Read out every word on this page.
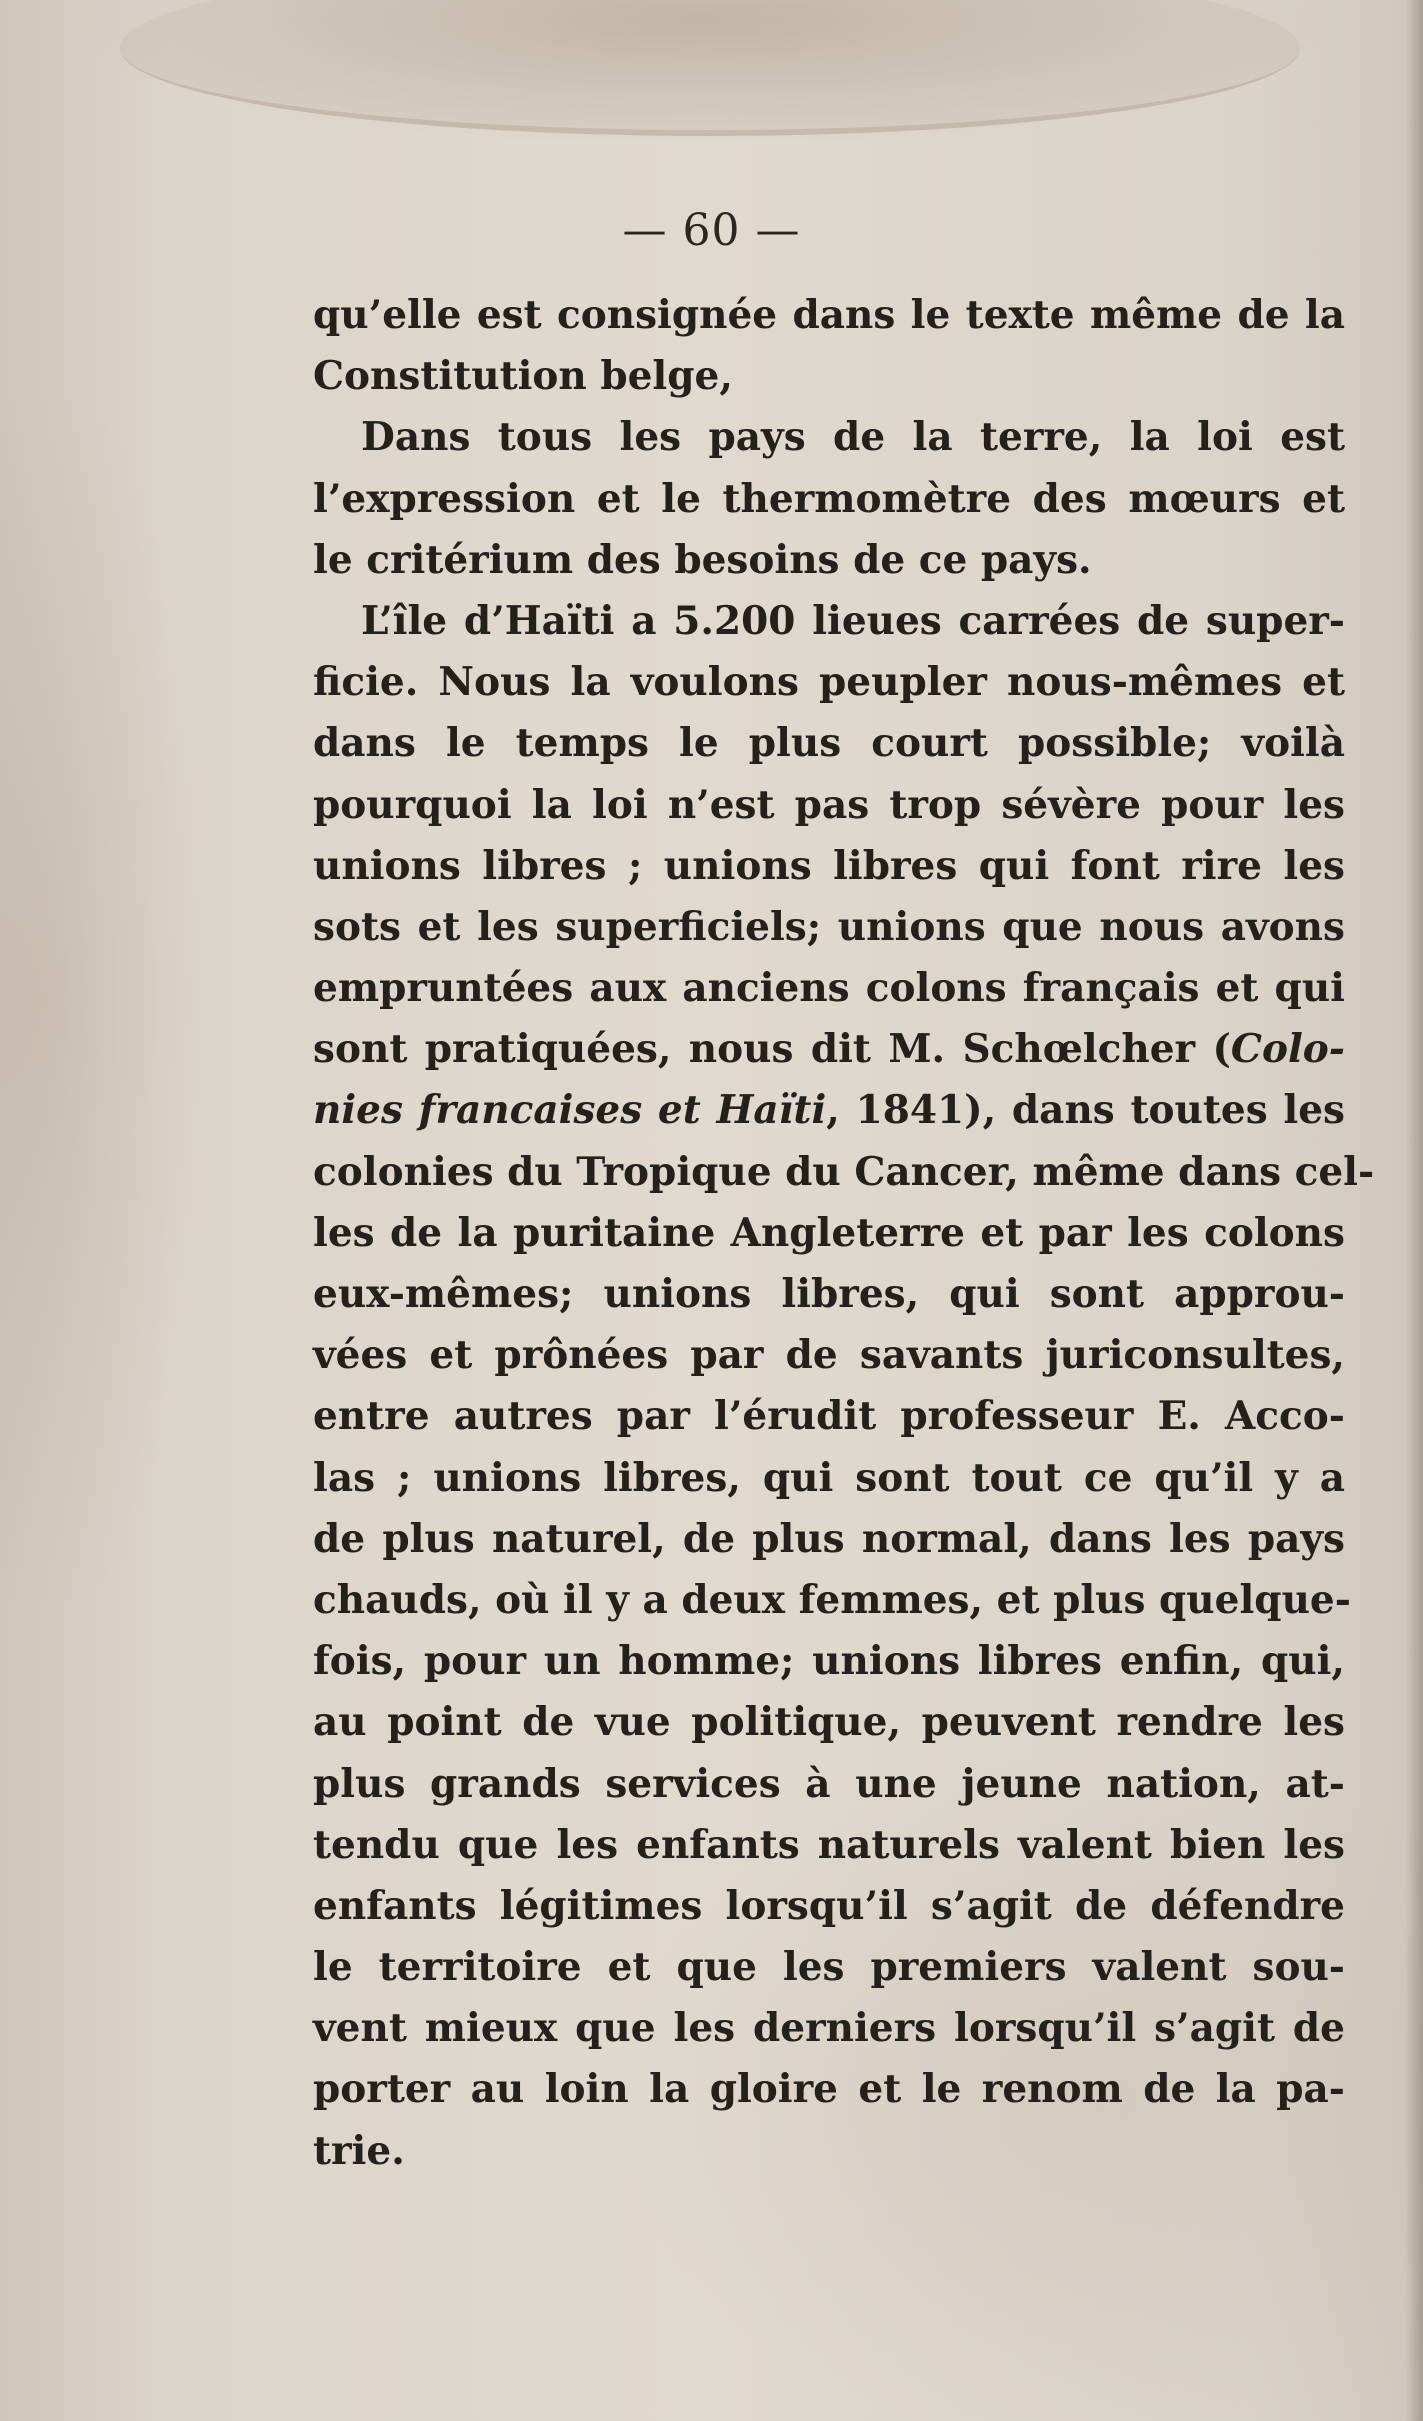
— 60 —
qu’elle est consignée dans le texte même de la
Constitution belge,
Dans tous les pays de la terre, la loi est
l’expression et le thermomètre des mœurs et
le critérium des besoins de ce pays.
L’île d’Haïti a 5.200 lieues carrées de super-
ficie. Nous la voulons peupler nous-mêmes et
dans le temps le plus court possible; voilà
pourquoi la loi n’est pas trop sévère pour les
unions libres ; unions libres qui font rire les
sots et les superficiels; unions que nous avons
empruntées aux anciens colons français et qui
sont pratiquées, nous dit M. Schœlcher (Colo-
nies francaises et Haïti, 1841), dans toutes les
colonies du Tropique du Cancer, même dans cel-
les de la puritaine Angleterre et par les colons
eux-mêmes; unions libres, qui sont approu-
vées et prônées par de savants juriconsultes,
entre autres par l’érudit professeur E. Acco-
las ; unions libres, qui sont tout ce qu’il y a
de plus naturel, de plus normal, dans les pays
chauds, où il y a deux femmes, et plus quelque-
fois, pour un homme; unions libres enfin, qui,
au point de vue politique, peuvent rendre les
plus grands services à une jeune nation, at-
tendu que les enfants naturels valent bien les
enfants légitimes lorsqu’il s’agit de défendre
le territoire et que les premiers valent sou-
vent mieux que les derniers lorsqu’il s’agit de
porter au loin la gloire et le renom de la pa-
trie.
